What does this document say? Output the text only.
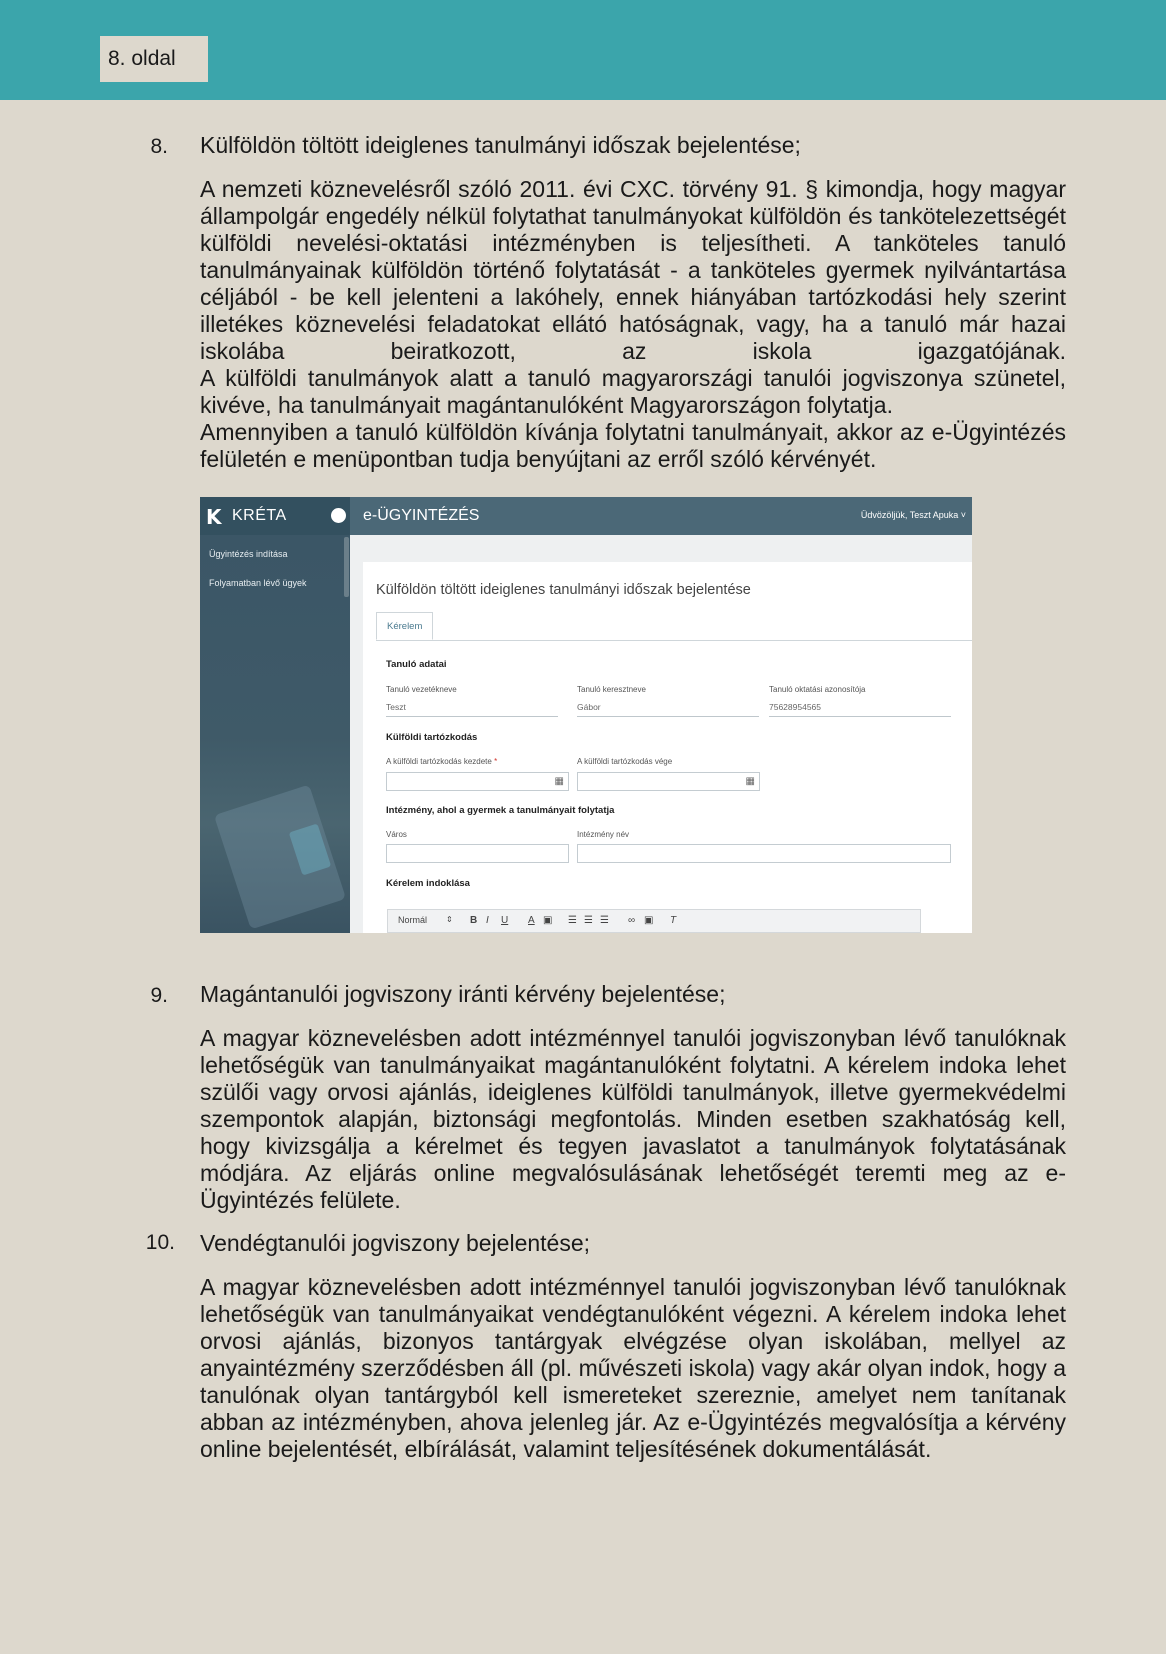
8. oldal
8. Külföldön töltött ideiglenes tanulmányi időszak bejelentése;

A nemzeti köznevelésről szóló 2011. évi CXC. törvény 91. § kimondja, hogy magyar állampolgár engedély nélkül folytathat tanulmányokat külföldön és tankötelezettségét külföldi nevelési-oktatási intézményben is teljesítheti. A tanköteles tanuló tanulmányainak külföldön történő folytatását - a tanköteles gyermek nyilvántartása céljából - be kell jelenteni a lakóhely, ennek hiányában tartózkodási hely szerint illetékes köznevelési feladatokat ellátó hatóságnak, vagy, ha a tanuló már hazai iskolába beiratkozott, az iskola igazgatójának.

A külföldi tanulmányok alatt a tanuló magyarországi tanulói jogviszonya szünetel, kivéve, ha tanulmányait magántanulóként Magyarországon folytatja.

Amennyiben a tanuló külföldön kívánja folytatni tanulmányait, akkor az e-Ügyintézés felületén e menüpontban tudja benyújtani az erről szóló kérvényét.

K KRÉTA
Ügyintézés indítása
Folyamatban lévő ügyek
e-ÜGYINTÉZÉS	Üdvözöljük, Teszt Apuka ˅
Külföldön töltött ideiglenes tanulmányi időszak bejelentése
Kérelem
Tanuló adatai
Tanuló vezetékneve
Teszt
Tanuló keresztneve
Gábor
Tanuló oktatási azonosítója
75628954565
Külföldi tartózkodás
A külföldi tartózkodás kezdete *
▦
A külföldi tartózkodás vége
▦
Intézmény, ahol a gyermek a tanulmányait folytatja
Város	Intézmény név
Kérelem indoklása
Normál ⇕ B I U A ▣ ☰ ☰ ☰ ∞ ▣ T
9. Magántanulói jogviszony iránti kérvény bejelentése;

A magyar köznevelésben adott intézménnyel tanulói jogviszonyban lévő tanulóknak lehetőségük van tanulmányaikat magántanulóként folytatni. A kérelem indoka lehet szülői vagy orvosi ajánlás, ideiglenes külföldi tanulmányok, illetve gyermekvédelmi szempontok alapján, biztonsági megfontolás. Minden esetben szakhatóság kell, hogy kivizsgálja a kérelmet és tegyen javaslatot a tanulmányok folytatásának módjára. Az eljárás online megvalósulásának lehetőségét teremti meg az e-Ügyintézés felülete.

10. Vendégtanulói jogviszony bejelentése;

A magyar köznevelésben adott intézménnyel tanulói jogviszonyban lévő tanulóknak lehetőségük van tanulmányaikat vendégtanulóként végezni. A kérelem indoka lehet orvosi ajánlás, bizonyos tantárgyak elvégzése olyan iskolában, mellyel az anyaintézmény szerződésben áll (pl. művészeti iskola) vagy akár olyan indok, hogy a tanulónak olyan tantárgyból kell ismereteket szereznie, amelyet nem tanítanak abban az intézményben, ahova jelenleg jár. Az e-Ügyintézés megvalósítja a kérvény online bejelentését, elbírálását, valamint teljesítésének dokumentálását.
